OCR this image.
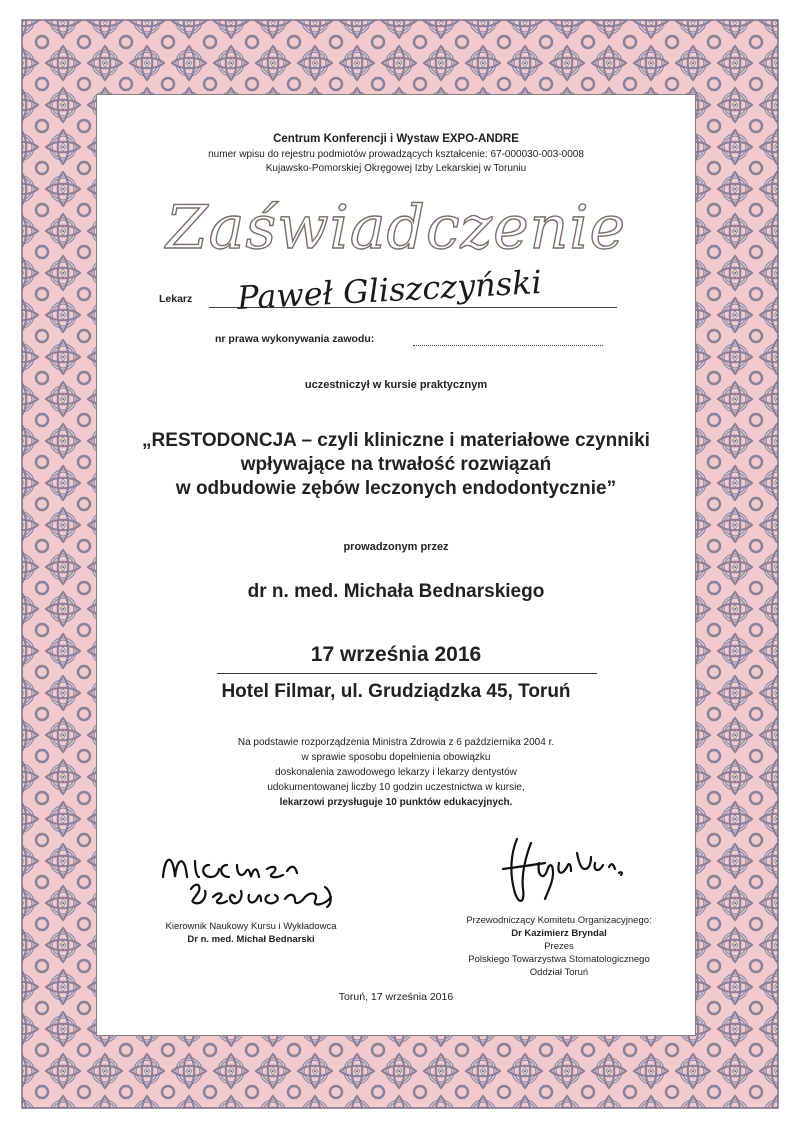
Centrum Konferencji i Wystaw EXPO-ANDRE
numer wpisu do rejestru podmiotów prowadzących kształcenie: 67-000030-003-0008
Kujawsko-Pomorskiej Okręgowej Izby Lekarskiej w Toruniu
Zaświadczenie
Lekarz Paweł Gliszczyński
nr prawa wykonywania zawodu:
uczestniczył w kursie praktycznym
„RESTODONCJA – czyli kliniczne i materiałowe czynniki
wpływające na trwałość rozwiązań
w odbudowie zębów leczonych endodontycznie”
prowadzonym przez
dr n. med. Michała Bednarskiego
17 września 2016
Hotel Filmar, ul. Grudziądzka 45, Toruń
Na podstawie rozporządzenia Ministra Zdrowia z 6 października 2004 r.
w sprawie sposobu dopełnienia obowiązku
doskonalenia zawodowego lekarzy i lekarzy dentystów
udokumentowanej liczby 10 godzin uczestnictwa w kursie,
lekarzowi przysługuje 10 punktów edukacyjnych.
Kierownik Naukowy Kursu i Wykładowca
Dr n. med. Michał Bednarski
Przewodniczący Komitetu Organizacyjnego:
Dr Kazimierz Bryndal
Prezes
Polskiego Towarzystwa Stomatologicznego
Oddział Toruń
Toruń, 17 września 2016
